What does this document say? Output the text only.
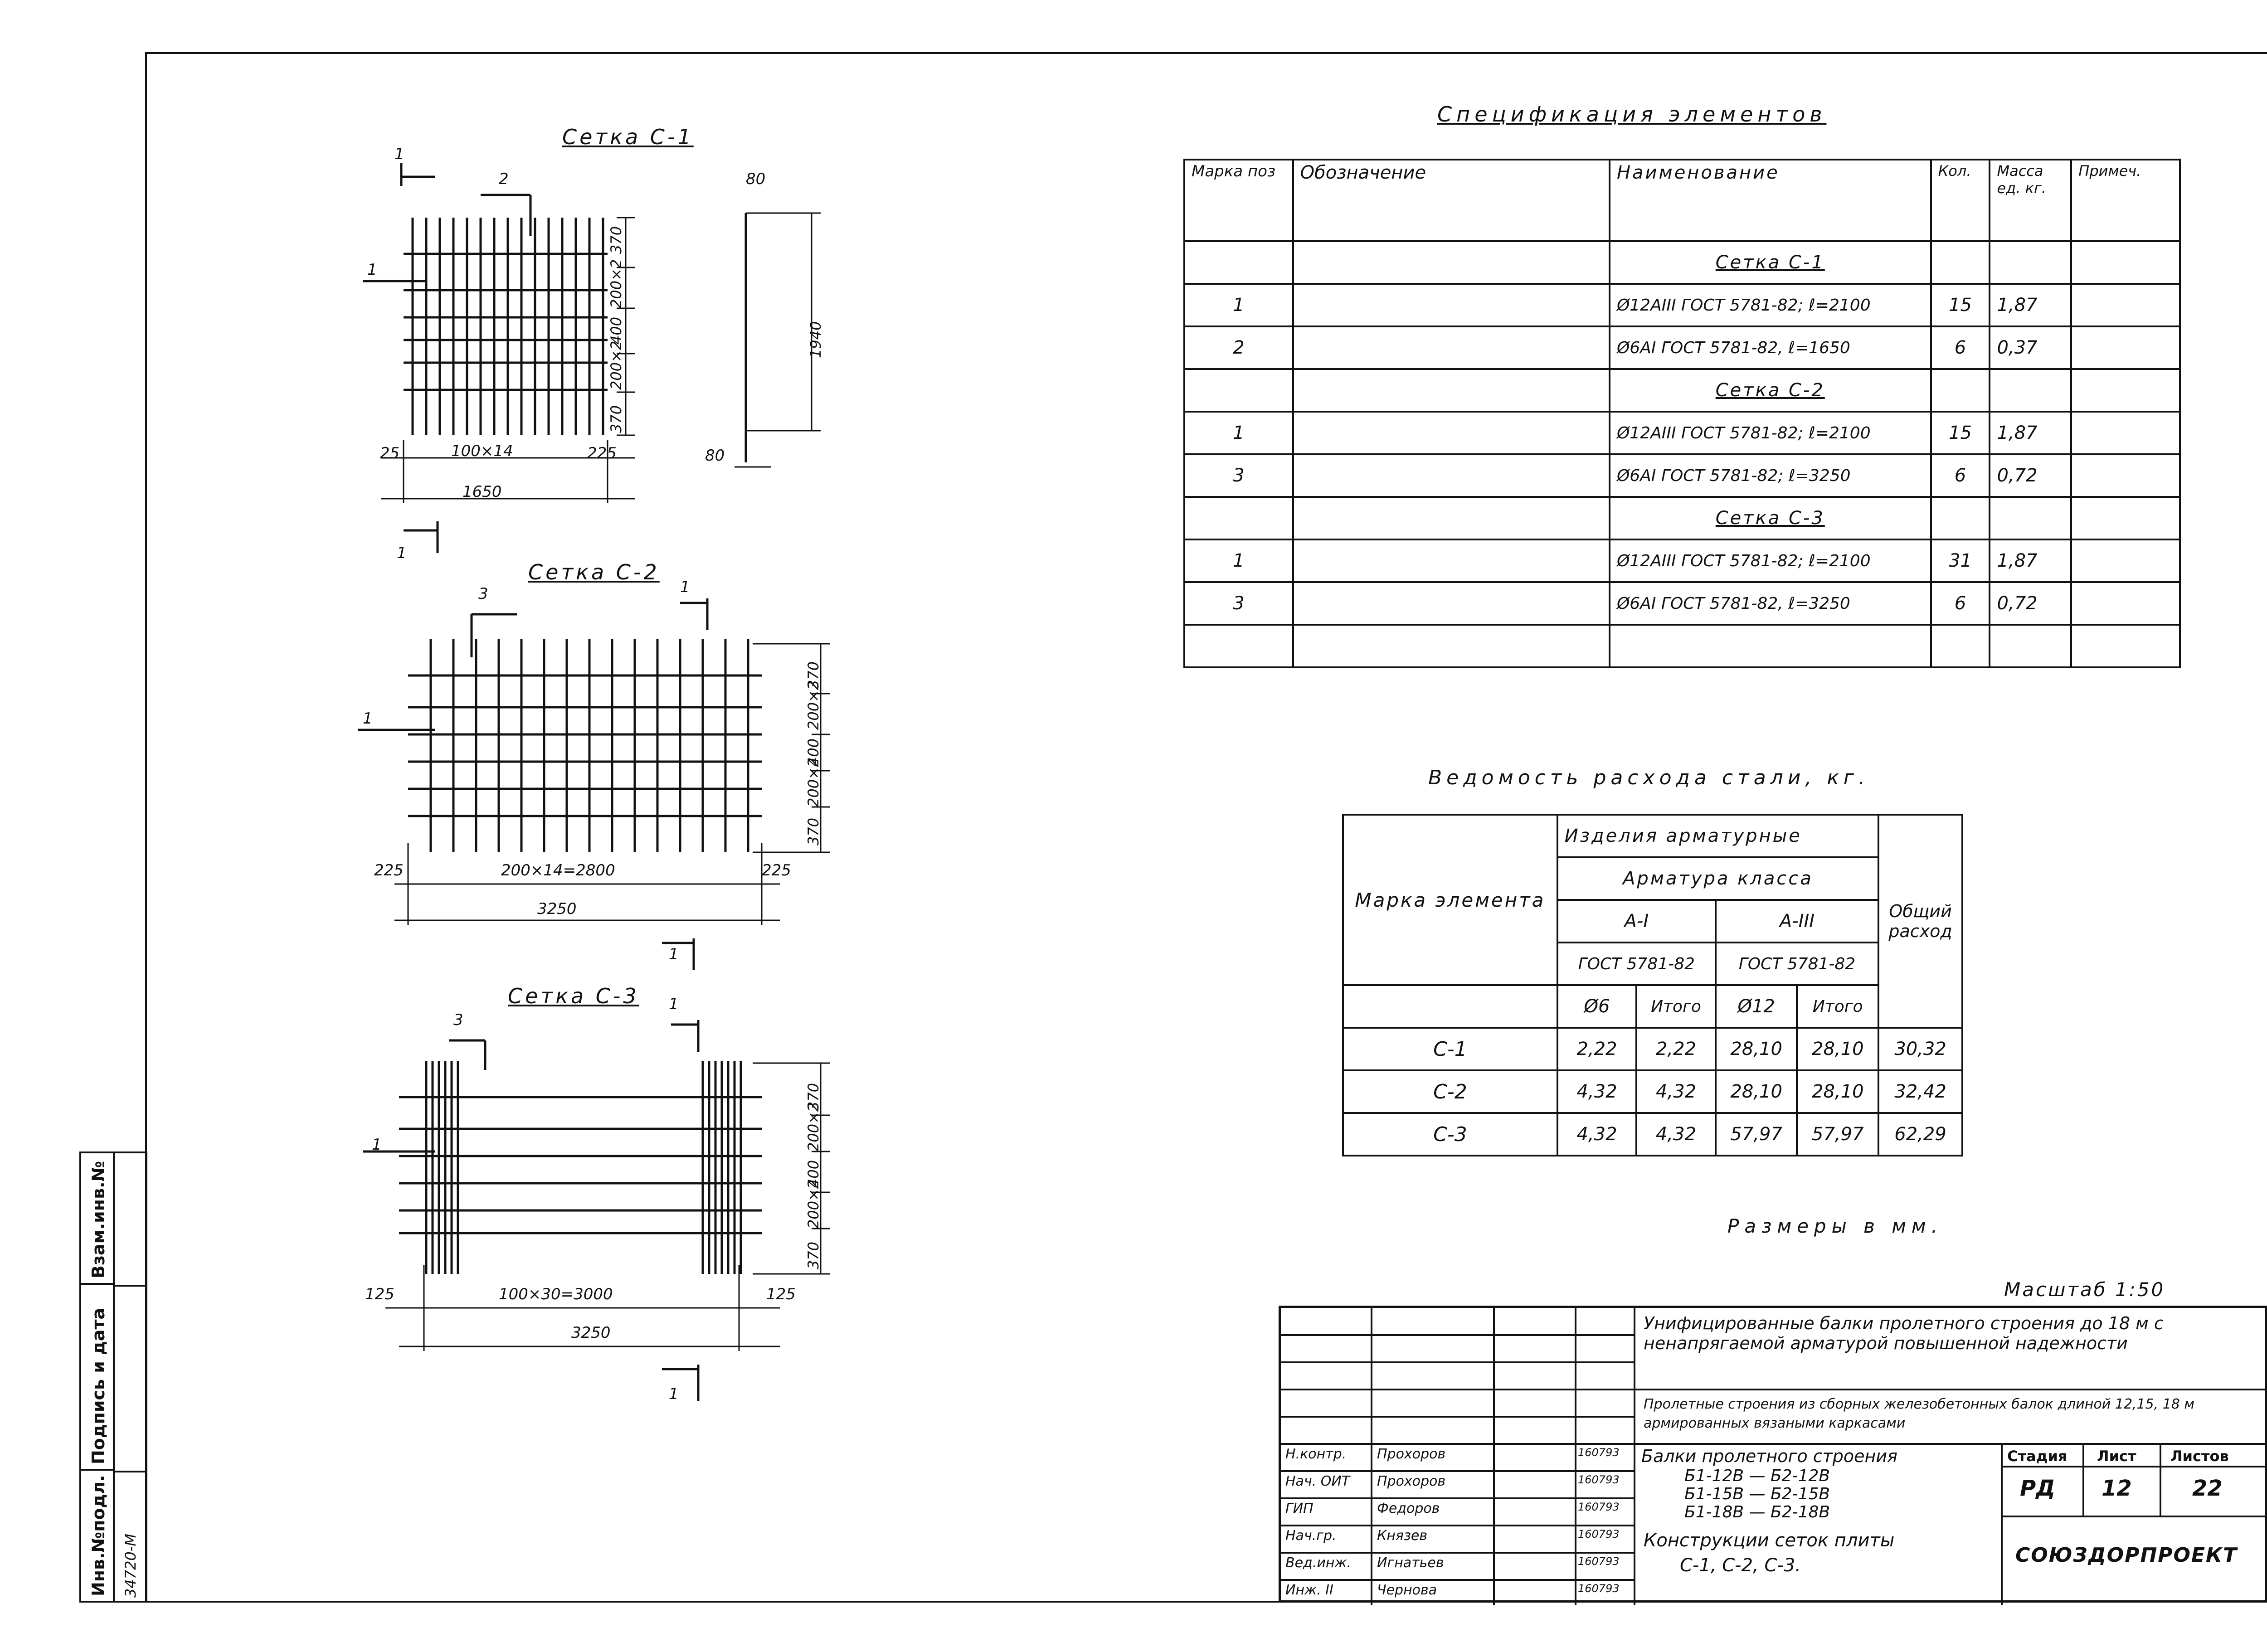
Сетка С-1
1
1
2
1
25	100×14	225
1650
370
200×2
400
200×2
370
80
1940
80
Сетка С-2
3	1
1
1
225	200×14=2800	225
3250
370
200×2
400
200×2
370
Сетка С-3
3
1
1
1
125	100×30=3000	125
3250
370
200×2
400
200×2
370
Спецификация элементов
Марка поз	Обозначение	Наименование	Кол.	Масса ед. кг.	Примеч.
		Сетка С-1			
1		Ø12АIII ГОСТ 5781-82; ℓ=2100	15	1,87	
2		Ø6АI ГОСТ 5781-82, ℓ=1650	6	0,37	
		Сетка С-2			
1		Ø12АIII ГОСТ 5781-82; ℓ=2100	15	1,87	
3		Ø6АI ГОСТ 5781-82; ℓ=3250	6	0,72	
		Сетка С-3			
1		Ø12АIII ГОСТ 5781-82; ℓ=2100	31	1,87	
3		Ø6АI ГОСТ 5781-82, ℓ=3250	6	0,72	

Ведомость расхода стали, кг.
Марка элемента	Изделия арматурные				Общий расход
	Арматура класса				
	А-I		А-III		
	ГОСТ 5781-82		ГОСТ 5781-82		
	Ø6	Итого	Ø12	Итого	
С-1	2,22	2,22	28,10	28,10	30,32
С-2	4,32	4,32	28,10	28,10	32,42
С-3	4,32	4,32	57,97	57,97	62,29
Размеры в мм.
Масштаб 1:50
Взам.инв.№
Подпись и дата
Инв.№подл. 34720-М
Унифицированные балки пролетного строения до 18 м с ненапрягаемой арматурой повышенной надежности
Пролетные строения из сборных железобетонных балок длиной 12,15, 18 м армированных вязаными каркасами
Н.контр. Прохоров	160793
Нач. ОИТ Прохоров	160793
ГИП	Федоров	160793
Нач.гр.	Князев	160793
Вед.инж. Игнатьев	160793
Инж. II	Чернова	160793
Балки пролетного строения
Б1-12В — Б2-12В
Б1-15В — Б2-15В
Б1-18В — Б2-18В
Конструкции сеток плиты
С-1, С-2, С-3.
Стадия Лист Листов
РД 12	22
СОЮЗДОРПРОЕКТ
